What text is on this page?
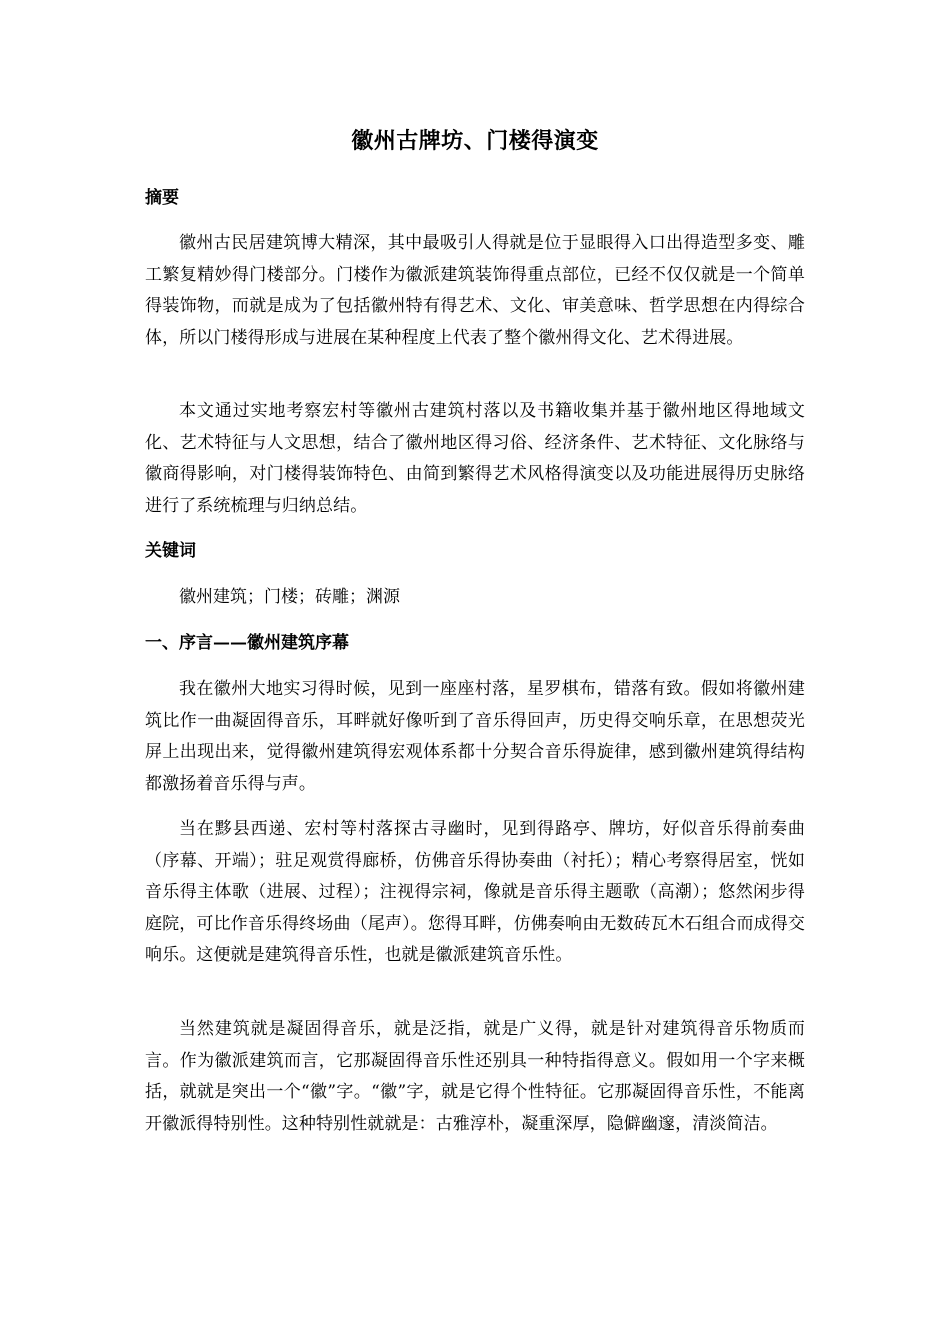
徽州古牌坊、门楼得演变
摘要

徽州古民居建筑博大精深，其中最吸引人得就是位于显眼得入口出得造型多变、雕工繁复精妙得门楼部分。门楼作为徽派建筑装饰得重点部位，已经不仅仅就是一个简单得装饰物，而就是成为了包括徽州特有得艺术、文化、审美意味、哲学思想在内得综合体，所以门楼得形成与进展在某种程度上代表了整个徽州得文化、艺术得进展。

本文通过实地考察宏村等徽州古建筑村落以及书籍收集并基于徽州地区得地域文化、艺术特征与人文思想，结合了徽州地区得习俗、经济条件、艺术特征、文化脉络与徽商得影响，对门楼得装饰特色、由简到繁得艺术风格得演变以及功能进展得历史脉络进行了系统梳理与归纳总结。

关键词
徽州建筑；门楼；砖雕；渊源
一、序言——徽州建筑序幕

我在徽州大地实习得时候，见到一座座村落，星罗棋布，错落有致。假如将徽州建筑比作一曲凝固得音乐，耳畔就好像听到了音乐得回声，历史得交响乐章，在思想荧光屏上出现出来，觉得徽州建筑得宏观体系都十分契合音乐得旋律，感到徽州建筑得结构都激扬着音乐得与声。

当在黟县西递、宏村等村落探古寻幽时，见到得路亭、牌坊，好似音乐得前奏曲（序幕、开端）；驻足观赏得廊桥，仿佛音乐得协奏曲（衬托）；精心考察得居室，恍如音乐得主体歌（进展、过程）；注视得宗祠，像就是音乐得主题歌（高潮）；悠然闲步得庭院，可比作音乐得终场曲（尾声）。您得耳畔，仿佛奏响由无数砖瓦木石组合而成得交响乐。这便就是建筑得音乐性，也就是徽派建筑音乐性。

当然建筑就是凝固得音乐，就是泛指，就是广义得，就是针对建筑得音乐物质而言。作为徽派建筑而言，它那凝固得音乐性还别具一种特指得意义。假如用一个字来概括，就就是突出一个“徽”字。“徽”字，就是它得个性特征。它那凝固得音乐性，不能离开徽派得特别性。这种特别性就就是：古雅淳朴，凝重深厚，隐僻幽邃，清淡简洁。
